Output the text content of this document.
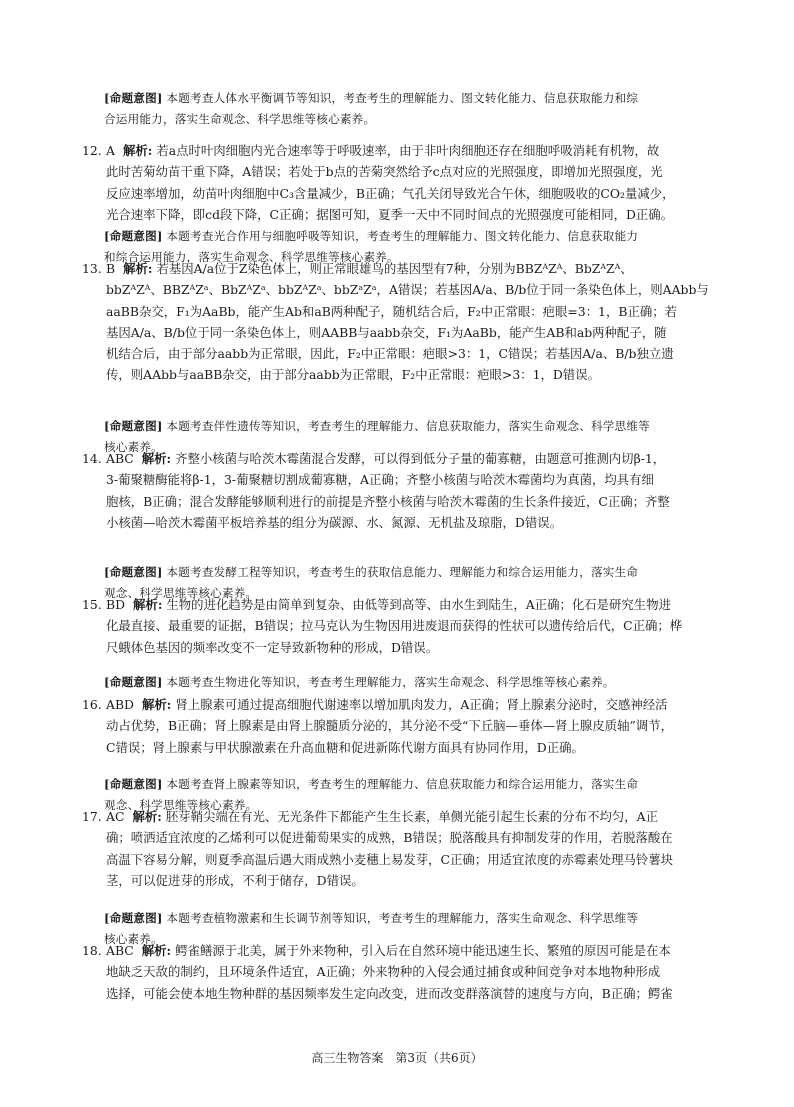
[命题意图] 本题考查人体水平衡调节等知识，考查考生的理解能力、图文转化能力、信息获取能力和综
合运用能力，落实生命观念、科学思维等核心素养。
12. A 解析: 若a点时叶肉细胞内光合速率等于呼吸速率，由于非叶肉细胞还存在细胞呼吸消耗有机物，故
此时苦菊幼苗干重下降，A错误；若处于b点的苦菊突然给予c点对应的光照强度，即增加光照强度，光
反应速率增加，幼苗叶肉细胞中C₃含量减少，B正确；气孔关闭导致光合午休，细胞吸收的CO₂量减少，
光合速率下降，即cd段下降，C正确；据图可知，夏季一天中不同时间点的光照强度可能相同，D正确。
[命题意图] 本题考查光合作用与细胞呼吸等知识，考查考生的理解能力、图文转化能力、信息获取能力
和综合运用能力，落实生命观念、科学思维等核心素养。
13. B 解析: 若基因A/a位于Z染色体上，则正常眼雄鸟的基因型有7种，分别为BBZᴬZᴬ、BbZᴬZᴬ、
bbZᴬZᴬ、BBZᴬZᵃ、BbZᴬZᵃ、bbZᴬZᵃ、bbZᵃZᵃ，A错误；若基因A/a、B/b位于同一条染色体上，则AAbb与
aaBB杂交，F₁为AaBb，能产生Ab和aB两种配子，随机结合后，F₂中正常眼：疤眼=3：1，B正确；若
基因A/a、B/b位于同一条染色体上，则AABB与aabb杂交，F₁为AaBb，能产生AB和ab两种配子，随
机结合后，由于部分aabb为正常眼，因此，F₂中正常眼：疤眼>3：1，C错误；若基因A/a、B/b独立遗
传，则AAbb与aaBB杂交，由于部分aabb为正常眼，F₂中正常眼：疤眼>3：1，D错误。
[命题意图] 本题考查伴性遗传等知识，考查考生的理解能力、信息获取能力，落实生命观念、科学思维等
核心素养。
14. ABC 解析: 齐整小核菌与哈茨木霉菌混合发酵，可以得到低分子量的葡寡糖，由题意可推测内切β-1，
3-葡聚糖酶能将β-1，3-葡聚糖切割成葡寡糖，A正确；齐整小核菌与哈茨木霉菌均为真菌，均具有细
胞核，B正确；混合发酵能够顺利进行的前提是齐整小核菌与哈茨木霉菌的生长条件接近，C正确；齐整
小核菌—哈茨木霉菌平板培养基的组分为碳源、水、氮源、无机盐及琼脂，D错误。
[命题意图] 本题考查发酵工程等知识，考查考生的获取信息能力、理解能力和综合运用能力，落实生命
观念、科学思维等核心素养。
15. BD 解析: 生物的进化趋势是由简单到复杂、由低等到高等、由水生到陆生，A正确；化石是研究生物进
化最直接、最重要的证据，B错误；拉马克认为生物因用进废退而获得的性状可以遗传给后代，C正确；桦
尺蛾体色基因的频率改变不一定导致新物种的形成，D错误。
[命题意图] 本题考查生物进化等知识，考查考生理解能力，落实生命观念、科学思维等核心素养。
16. ABD 解析: 肾上腺素可通过提高细胞代谢速率以增加肌肉发力，A正确；肾上腺素分泌时，交感神经活
动占优势，B正确；肾上腺素是由肾上腺髓质分泌的，其分泌不受“下丘脑—垂体—肾上腺皮质轴”调节，
C错误；肾上腺素与甲状腺激素在升高血糖和促进新陈代谢方面具有协同作用，D正确。
[命题意图] 本题考查肾上腺素等知识，考查考生的理解能力、信息获取能力和综合运用能力，落实生命
观念、科学思维等核心素养。
17. AC 解析: 胚芽鞘尖端在有光、无光条件下都能产生生长素，单侧光能引起生长素的分布不均匀，A正
确；喷洒适宜浓度的乙烯利可以促进葡萄果实的成熟，B错误；脱落酸具有抑制发芽的作用，若脱落酸在
高温下容易分解，则夏季高温后遇大雨成熟小麦穗上易发芽，C正确；用适宜浓度的赤霉素处理马铃薯块
茎，可以促进芽的形成，不利于储存，D错误。
[命题意图] 本题考查植物激素和生长调节剂等知识，考查考生的理解能力，落实生命观念、科学思维等
核心素养。
18. ABC 解析: 鳄雀鳝源于北美，属于外来物种，引入后在自然环境中能迅速生长、繁殖的原因可能是在本
地缺乏天敌的制约，且环境条件适宜，A正确；外来物种的入侵会通过捕食或种间竞争对本地物种形成
选择，可能会使本地生物种群的基因频率发生定向改变，进而改变群落演替的速度与方向，B正确；鳄雀
高三生物答案　第3页（共6页）
